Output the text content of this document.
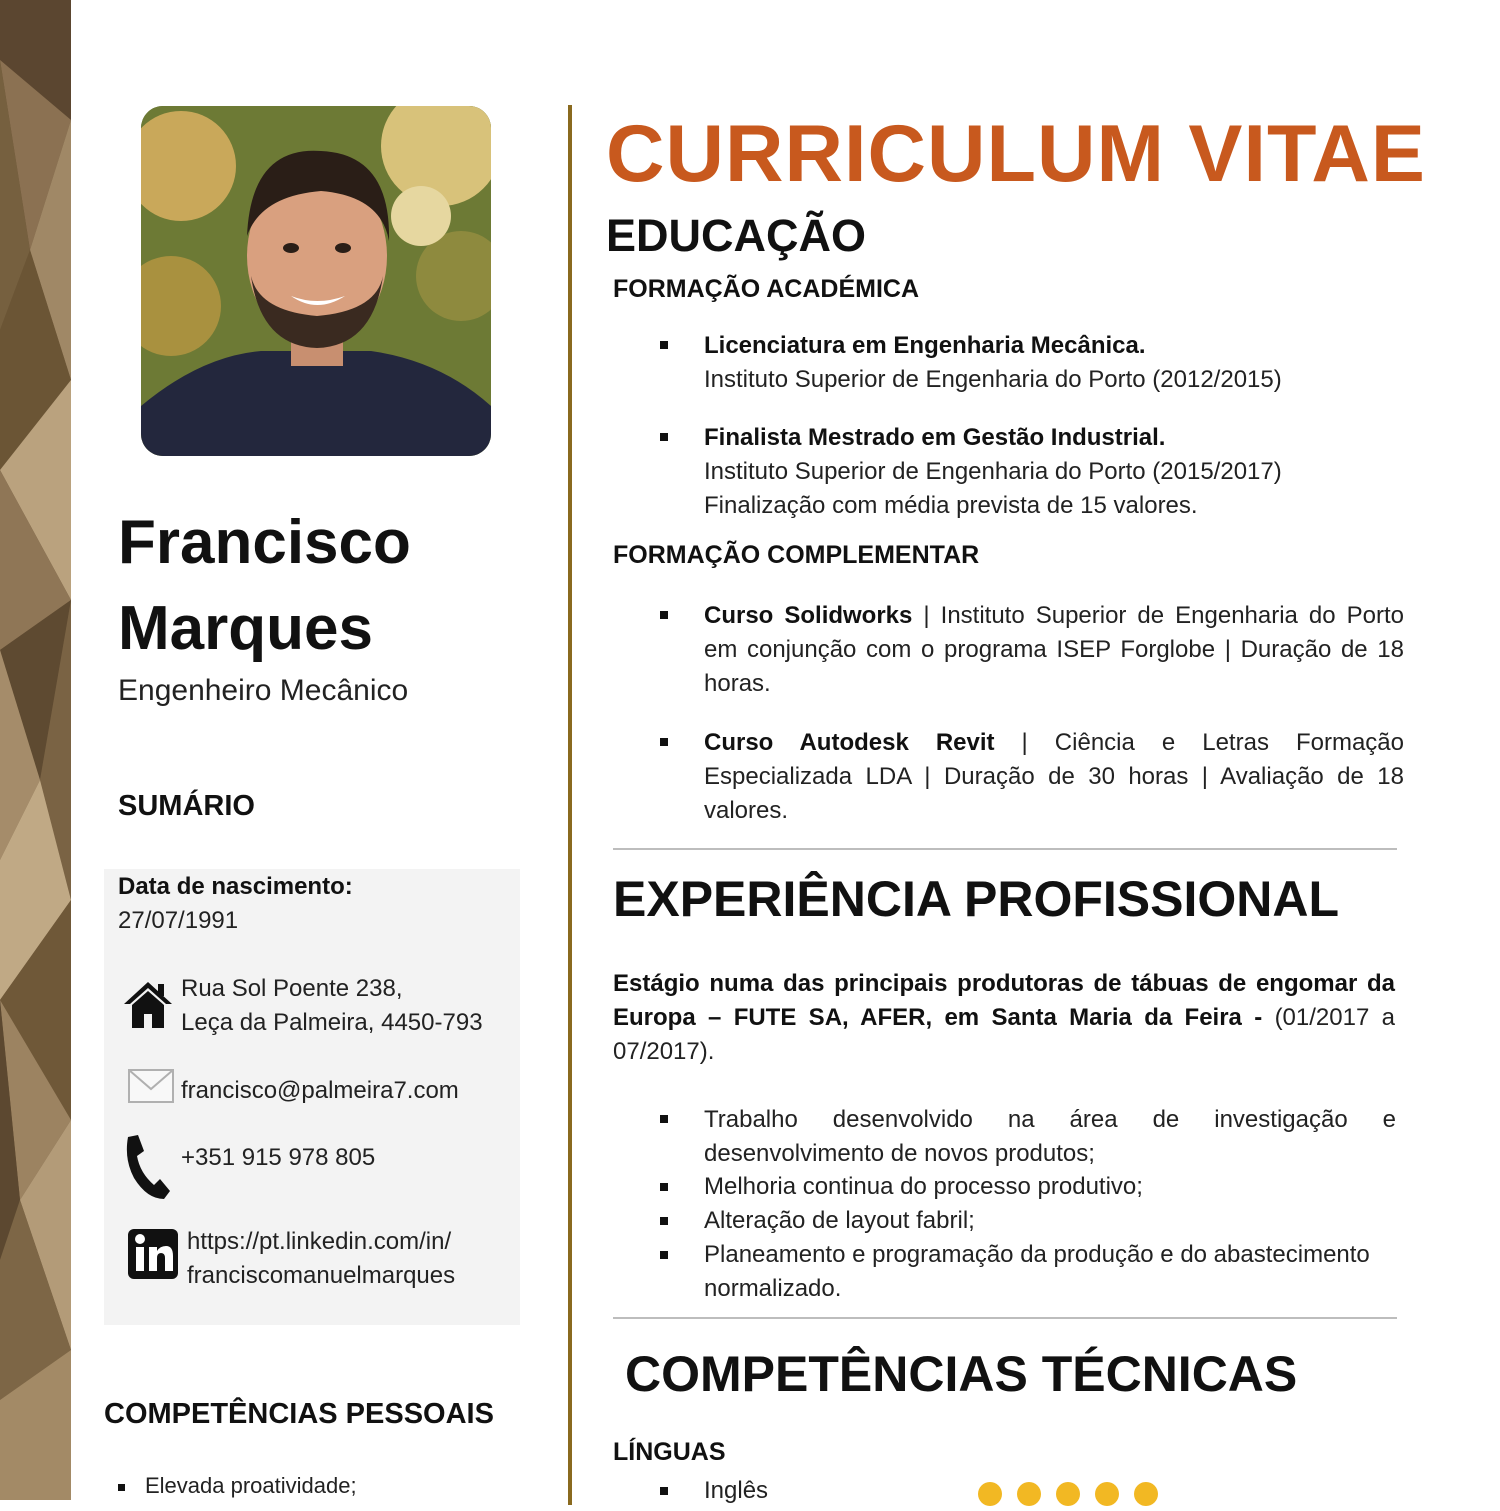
Francisco
Marques
Engenheiro Mecânico
SUMÁRIO
Data de nascimento:
27/07/1991
Rua Sol Poente 238,
Leça da Palmeira, 4450-793
francisco@palmeira7.com
+351 915 978 805
https://pt.linkedin.com/in/
franciscomanuelmarques
COMPETÊNCIAS PESSOAIS
Elevada proatividade;
CURRICULUM VITAE
EDUCAÇÃO
FORMAÇÃO ACADÉMICA
Licenciatura em Engenharia Mecânica.
Instituto Superior de Engenharia do Porto (2012/2015)
Finalista Mestrado em Gestão Industrial.
Instituto Superior de Engenharia do Porto (2015/2017)
Finalização com média prevista de 15 valores.
FORMAÇÃO COMPLEMENTAR
Curso Solidworks | Instituto Superior de Engenharia do Porto em conjunção com o programa ISEP Forglobe | Duração de 18 horas.
Curso Autodesk Revit | Ciência e Letras Formação Especializada LDA | Duração de 30 horas | Avaliação de 18 valores.
EXPERIÊNCIA PROFISSIONAL
Estágio numa das principais produtoras de tábuas de engomar da Europa – FUTE SA, AFER, em Santa Maria da Feira - (01/2017 a 07/2017).
Trabalho desenvolvido na área de investigação e desenvolvimento de novos produtos;
Melhoria continua do processo produtivo;
Alteração de layout fabril;
Planeamento e programação da produção e do abastecimento normalizado.
COMPETÊNCIAS TÉCNICAS
LÍNGUAS
Inglês
